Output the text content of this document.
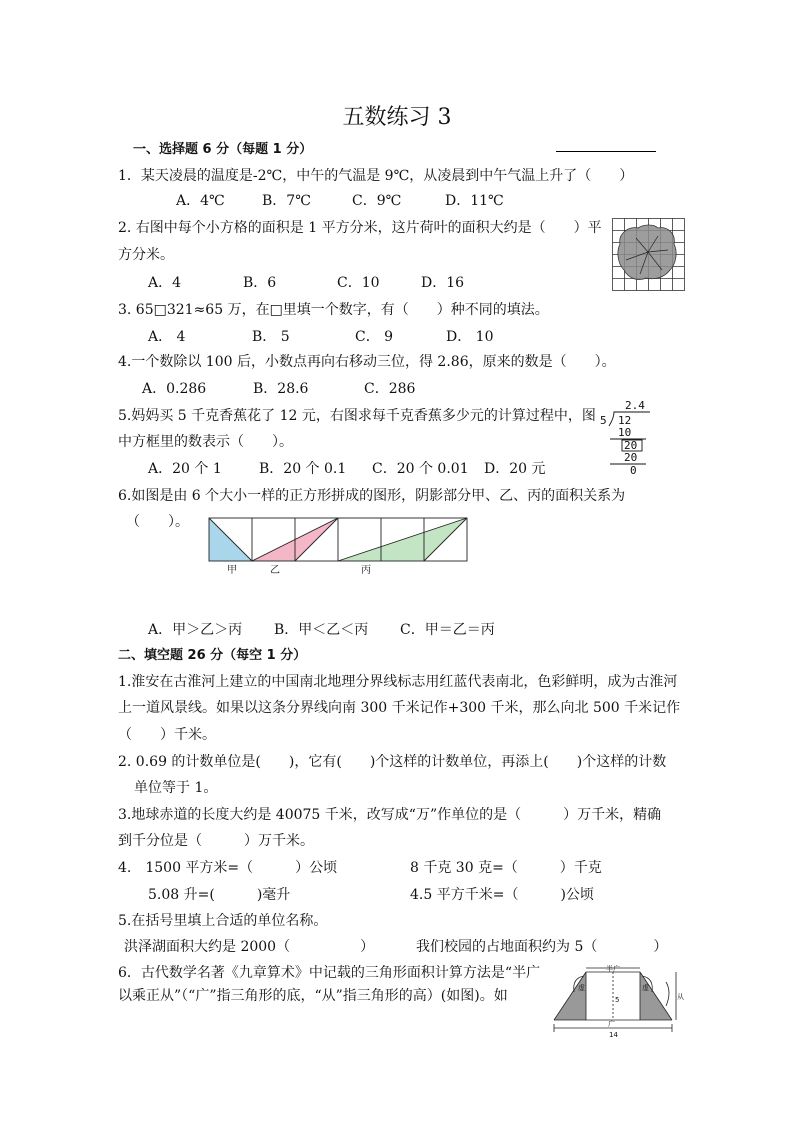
五数练习 3
一、选择题 6 分（每题 1 分）
1．某天凌晨的温度是-2℃，中午的气温是 9℃，从凌晨到中午气温上升了（　　）
A．4℃	B．7℃	C．9℃	D．11℃
2. 右图中每个小方格的面积是 1 平方分米，这片荷叶的面积大约是（　　）平
方分米。
A．4	B．6	C．10	D．16
3. 65□321≈65 万，在□里填一个数字，有（　　）种不同的填法。
A． 4	B． 5	C． 9	D． 10
4.一个数除以 100 后，小数点再向右移动三位，得 2.86，原来的数是（　　）。
A．0.286	B．28.6	C．286
5.妈妈买 5 千克香蕉花了 12 元，右图求每千克香蕉多少元的计算过程中，图
中方框里的数表示（　　）。
A．20 个 1	B．20 个 0.1 C．20 个 0.01 D．20 元
2.4
5 12
10
20
20
0
6.如图是由 6 个大小一样的正方形拼成的图形，阴影部分甲、乙、丙的面积关系为
（　　）。
甲	乙	丙
A．甲＞乙＞丙 B．甲＜乙＜丙 C．甲＝乙＝丙
二、填空题 26 分（每空 1 分）
1.淮安在古淮河上建立的中国南北地理分界线标志用红蓝代表南北，色彩鲜明，成为古淮河
上一道风景线。如果以这条分界线向南 300 千米记作+300 千米，那么向北 500 千米记作
（　　）千米。
2. 0.69 的计数单位是(　　)，它有(　　)个这样的计数单位，再添上(　　)个这样的计数
单位等于 1。
3.地球赤道的长度大约是 40075 千米，改写成“万”作单位的是（　　　）万千米，精确
到千分位是（　　　）万千米。
4.　1500 平方米=（　　　）公顷	8 千克 30 克=（　　　）千克
5.08 升=(　　　)毫升	4.5 平方千米=（　　　)公顷
5.在括号里填上合适的单位名称。
洪泽湖面积大约是 2000（　　　　　）	我们校园的占地面积约为 5（　　　　）
6．古代数学名著《九章算术》中记载的三角形面积计算方法是“半广
以乘正从”（“广”指三角形的底，“从”指三角形的高）(如图)。如
半广
虚	虚
5	从
广
14
